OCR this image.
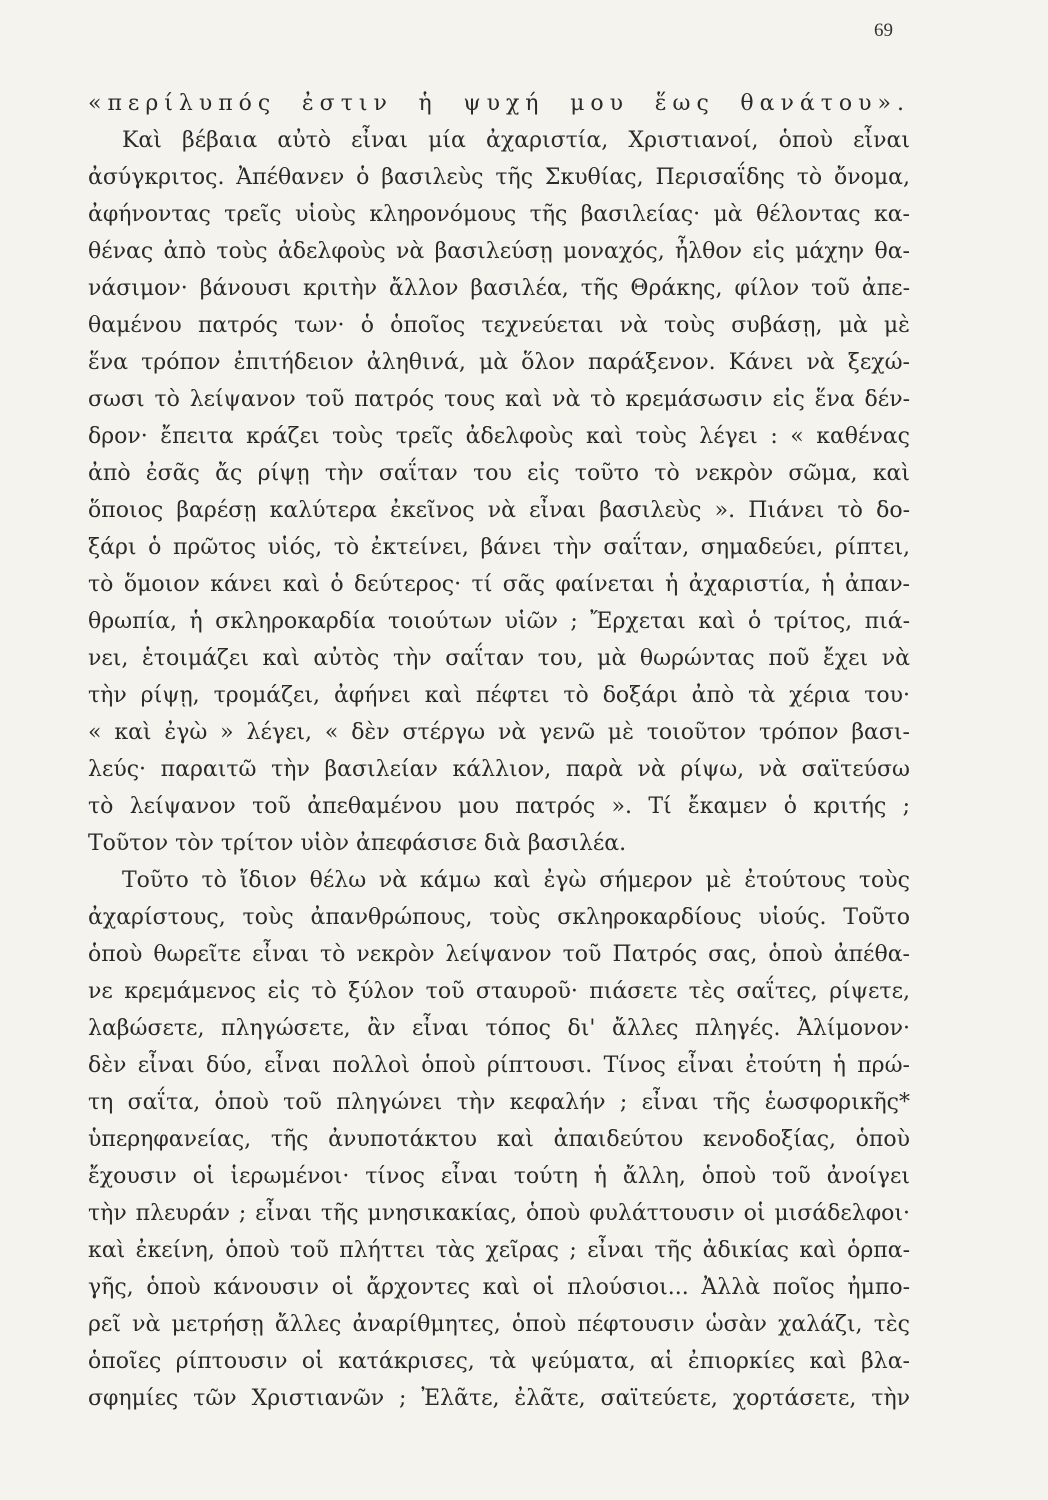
69
«περίλυπός ἐστιν ἡ ψυχή μου ἕως θανάτου».
Καὶ βέβαια αὐτὸ εἶναι μία ἀχαριστία, Χριστιανοί, ὁποὺ εἶναι
ἀσύγκριτος. Ἀπέθανεν ὁ βασιλεὺς τῆς Σκυθίας, Περισαΐδης τὸ ὄνομα,
ἀφήνοντας τρεῖς υἱοὺς κληρονόμους τῆς βασιλείας· μὰ θέλοντας κα-
θένας ἀπὸ τοὺς ἀδελφοὺς νὰ βασιλεύσῃ μοναχός, ἦλθον εἰς μάχην θα-
νάσιμον· βάνουσι κριτὴν ἄλλον βασιλέα, τῆς Θράκης, φίλον τοῦ ἀπε-
θαμένου πατρός των· ὁ ὁποῖος τεχνεύεται νὰ τοὺς συβάσῃ, μὰ μὲ
ἕνα τρόπον ἐπιτήδειον ἀληθινά, μὰ ὅλον παράξενον. Κάνει νὰ ξεχώ-
σωσι τὸ λείψανον τοῦ πατρός τους καὶ νὰ τὸ κρεμάσωσιν εἰς ἕνα δέν-
δρον· ἔπειτα κράζει τοὺς τρεῖς ἀδελφοὺς καὶ τοὺς λέγει : « καθένας
ἀπὸ ἐσᾶς ἄς ρίψῃ τὴν σαΐταν του εἰς τοῦτο τὸ νεκρὸν σῶμα, καὶ
ὅποιος βαρέσῃ καλύτερα ἐκεῖνος νὰ εἶναι βασιλεὺς ». Πιάνει τὸ δο-
ξάρι ὁ πρῶτος υἱός, τὸ ἐκτείνει, βάνει τὴν σαΐταν, σημαδεύει, ρίπτει,
τὸ ὅμοιον κάνει καὶ ὁ δεύτερος· τί σᾶς φαίνεται ἡ ἀχαριστία, ἡ ἀπαν-
θρωπία, ἡ σκληροκαρδία τοιούτων υἱῶν ; Ἔρχεται καὶ ὁ τρίτος, πιά-
νει, ἑτοιμάζει καὶ αὐτὸς τὴν σαΐταν του, μὰ θωρώντας ποῦ ἔχει νὰ
τὴν ρίψῃ, τρομάζει, ἀφήνει καὶ πέφτει τὸ δοξάρι ἀπὸ τὰ χέρια του·
« καὶ ἐγὼ » λέγει, « δὲν στέργω νὰ γενῶ μὲ τοιοῦτον τρόπον βασι-
λεύς· παραιτῶ τὴν βασιλείαν κάλλιον, παρὰ νὰ ρίψω, νὰ σαϊτεύσω
τὸ λείψανον τοῦ ἀπεθαμένου μου πατρός ». Τί ἔκαμεν ὁ κριτής ;
Τοῦτον τὸν τρίτον υἱὸν ἀπεφάσισε διὰ βασιλέα.
Τοῦτο τὸ ἴδιον θέλω νὰ κάμω καὶ ἐγὼ σήμερον μὲ ἐτούτους τοὺς
ἀχαρίστους, τοὺς ἀπανθρώπους, τοὺς σκληροκαρδίους υἱούς. Τοῦτο
ὁποὺ θωρεῖτε εἶναι τὸ νεκρὸν λείψανον τοῦ Πατρός σας, ὁποὺ ἀπέθα-
νε κρεμάμενος εἰς τὸ ξύλον τοῦ σταυροῦ· πιάσετε τὲς σαΐτες, ρίψετε,
λαβώσετε, πληγώσετε, ἂν εἶναι τόπος δι' ἄλλες πληγές. Ἀλίμονον·
δὲν εἶναι δύο, εἶναι πολλοὶ ὁποὺ ρίπτουσι. Τίνος εἶναι ἐτούτη ἡ πρώ-
τη σαΐτα, ὁποὺ τοῦ πληγώνει τὴν κεφαλήν ; εἶναι τῆς ἑωσφορικῆς*
ὑπερηφανείας, τῆς ἀνυποτάκτου καὶ ἀπαιδεύτου κενοδοξίας, ὁποὺ
ἔχουσιν οἱ ἱερωμένοι· τίνος εἶναι τούτη ἡ ἄλλη, ὁποὺ τοῦ ἀνοίγει
τὴν πλευράν ; εἶναι τῆς μνησικακίας, ὁποὺ φυλάττουσιν οἱ μισάδελφοι·
καὶ ἐκείνη, ὁποὺ τοῦ πλήττει τὰς χεῖρας ; εἶναι τῆς ἀδικίας καὶ ὁρπα-
γῆς, ὁποὺ κάνουσιν οἱ ἄρχοντες καὶ οἱ πλούσιοι... Ἀλλὰ ποῖος ἠμπο-
ρεῖ νὰ μετρήσῃ ἄλλες ἀναρίθμητες, ὁποὺ πέφτουσιν ὡσὰν χαλάζι, τὲς
ὁποῖες ρίπτουσιν οἱ κατάκρισες, τὰ ψεύματα, αἱ ἐπιορκίες καὶ βλα-
σφημίες τῶν Χριστιανῶν ; Ἐλᾶτε, ἐλᾶτε, σαϊτεύετε, χορτάσετε, τὴν
